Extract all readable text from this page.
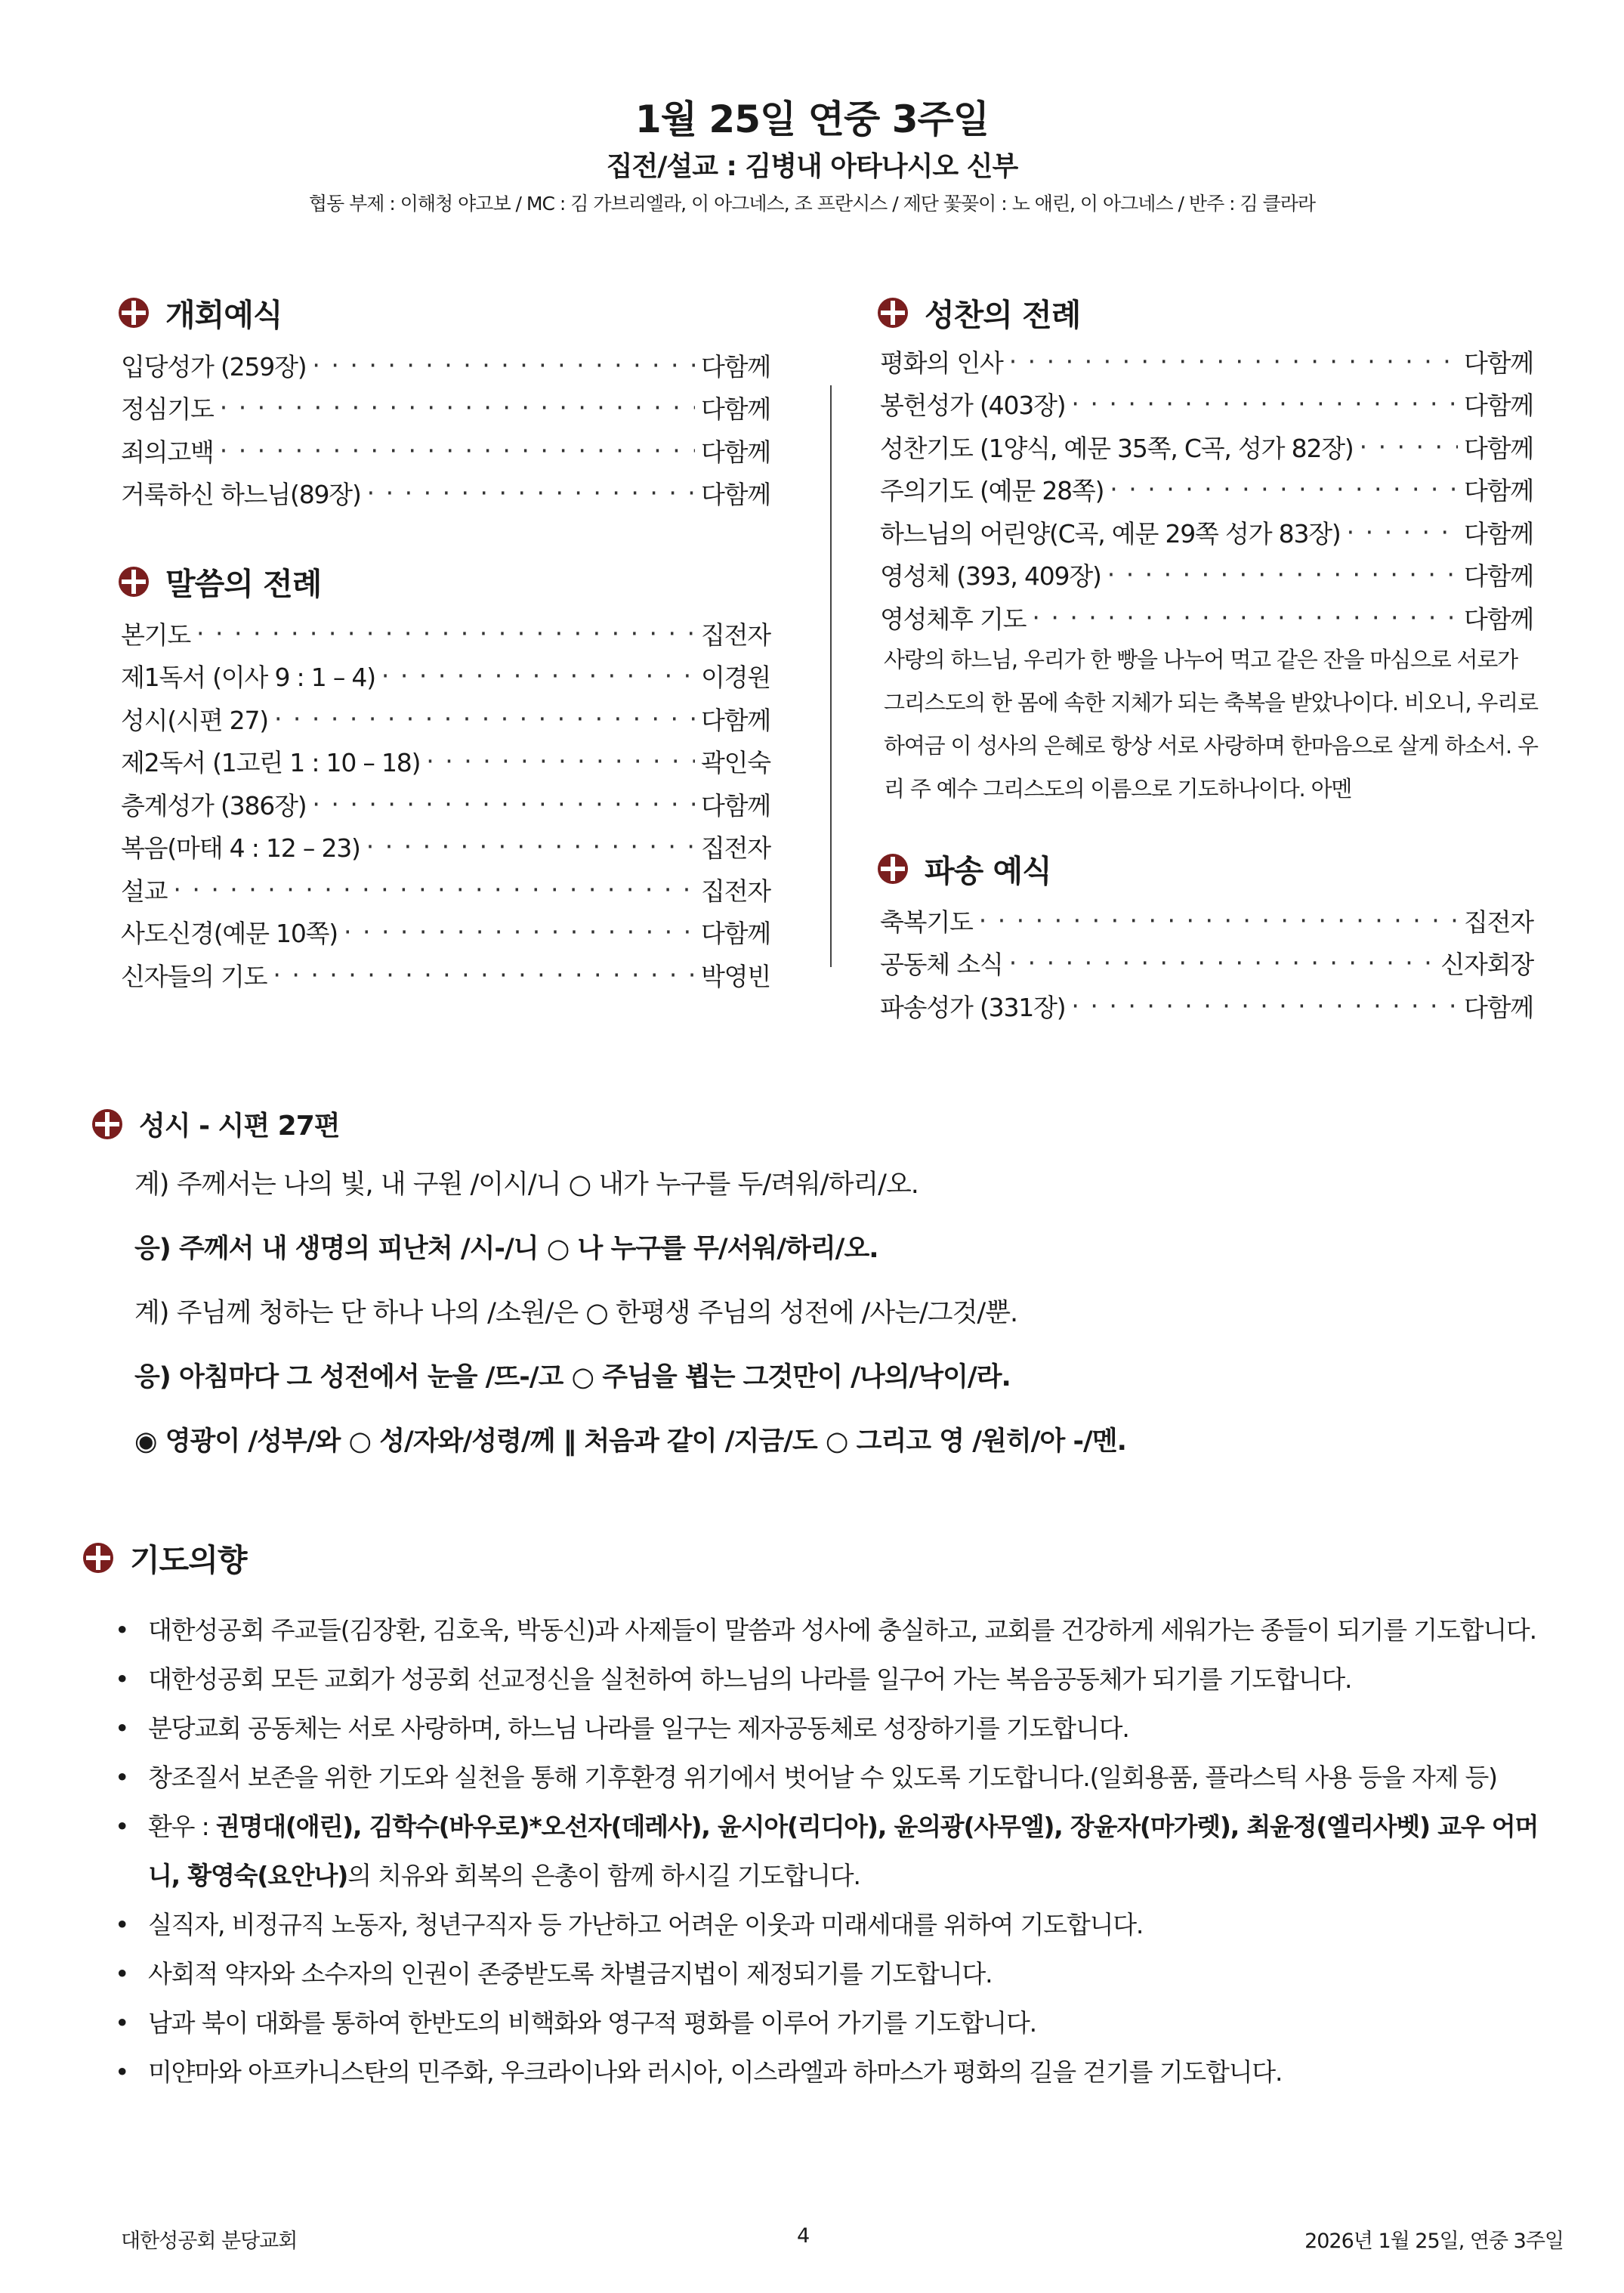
1월 25일 연중 3주일
집전/설교 : 김병내 아타나시오 신부
협동 부제 : 이해청 야고보 / MC : 김 가브리엘라, 이 아그네스, 조 프란시스 / 제단 꽃꽂이 : 노 애린, 이 아그네스 / 반주 : 김 클라라
개회예식
입당성가 (259장) · · ·	다함께
정심기도 · · ·	다함께
죄의고백 · · ·	다함께
거룩하신 하느님(89장) · · ·	다함께
말씀의 전례
본기도 · · ·	집전자
제1독서 (이사 9 : 1 – 4) · · ·	이경원
성시(시편 27) · · ·	다함께
제2독서 (1고린 1 : 10 – 18) · · ·	곽인숙
층계성가 (386장) · · ·	다함께
복음(마태 4 : 12 – 23) · · ·	집전자
설교 · · ·	집전자
사도신경(예문 10쪽) · · ·	다함께
신자들의 기도 · · ·	박영빈
성찬의 전례
평화의 인사 · · ·	다함께
봉헌성가 (403장) · · ·	다함께
성찬기도 (1양식, 예문 35쪽, C곡, 성가 82장) · · ·	다함께
주의기도 (예문 28쪽) · · ·	다함께
하느님의 어린양(C곡, 예문 29쪽 성가 83장) · · ·	다함께
영성체 (393, 409장) · · ·	다함께
영성체후 기도 · · ·	다함께
사랑의 하느님, 우리가 한 빵을 나누어 먹고 같은 잔을 마심으로 서로가 그리스도의 한 몸에 속한 지체가 되는 축복을 받았나이다. 비오니, 우리로 하여금 이 성사의 은혜로 항상 서로 사랑하며 한마음으로 살게 하소서. 우리 주 예수 그리스도의 이름으로 기도하나이다. 아멘
파송 예식
축복기도 · · ·	집전자
공동체 소식 · · ·	신자회장
파송성가 (331장) · · ·	다함께
성시 - 시편 27편
계) 주께서는 나의 빛, 내 구원 /이시/니 ○ 내가 누구를 두/려워/하리/오.
응) 주께서 내 생명의 피난처 /시-/니 ○ 나 누구를 무/서워/하리/오.
계) 주님께 청하는 단 하나 나의 /소원/은 ○ 한평생 주님의 성전에 /사는/그것/뿐.
응) 아침마다 그 성전에서 눈을 /뜨-/고 ○ 주님을 뵙는 그것만이 /나의/낙이/라.
◉ 영광이 /성부/와 ○ 성/자와/성령/께 ‖ 처음과 같이 /지금/도 ○ 그리고 영 /원히/아 -/멘.
기도의향
• 대한성공회 주교들(김장환, 김호욱, 박동신)과 사제들이 말씀과 성사에 충실하고, 교회를 건강하게 세워가는 종들이 되기를 기도합니다.
• 대한성공회 모든 교회가 성공회 선교정신을 실천하여 하느님의 나라를 일구어 가는 복음공동체가 되기를 기도합니다.
• 분당교회 공동체는 서로 사랑하며, 하느님 나라를 일구는 제자공동체로 성장하기를 기도합니다.
• 창조질서 보존을 위한 기도와 실천을 통해 기후환경 위기에서 벗어날 수 있도록 기도합니다.(일회용품, 플라스틱 사용 등을 자제 등)
• 환우 : 권명대(애린), 김학수(바우로)*오선자(데레사), 윤시아(리디아), 윤의광(사무엘), 장윤자(마가렛), 최윤정(엘리사벳) 교우 어머니, 황영숙(요안나)의 치유와 회복의 은총이 함께 하시길 기도합니다.
• 실직자, 비정규직 노동자, 청년구직자 등 가난하고 어려운 이웃과 미래세대를 위하여 기도합니다.
• 사회적 약자와 소수자의 인권이 존중받도록 차별금지법이 제정되기를 기도합니다.
• 남과 북이 대화를 통하여 한반도의 비핵화와 영구적 평화를 이루어 가기를 기도합니다.
• 미얀마와 아프카니스탄의 민주화, 우크라이나와 러시아, 이스라엘과 하마스가 평화의 길을 걷기를 기도합니다.
대한성공회 분당교회	4	2026년 1월 25일, 연중 3주일
